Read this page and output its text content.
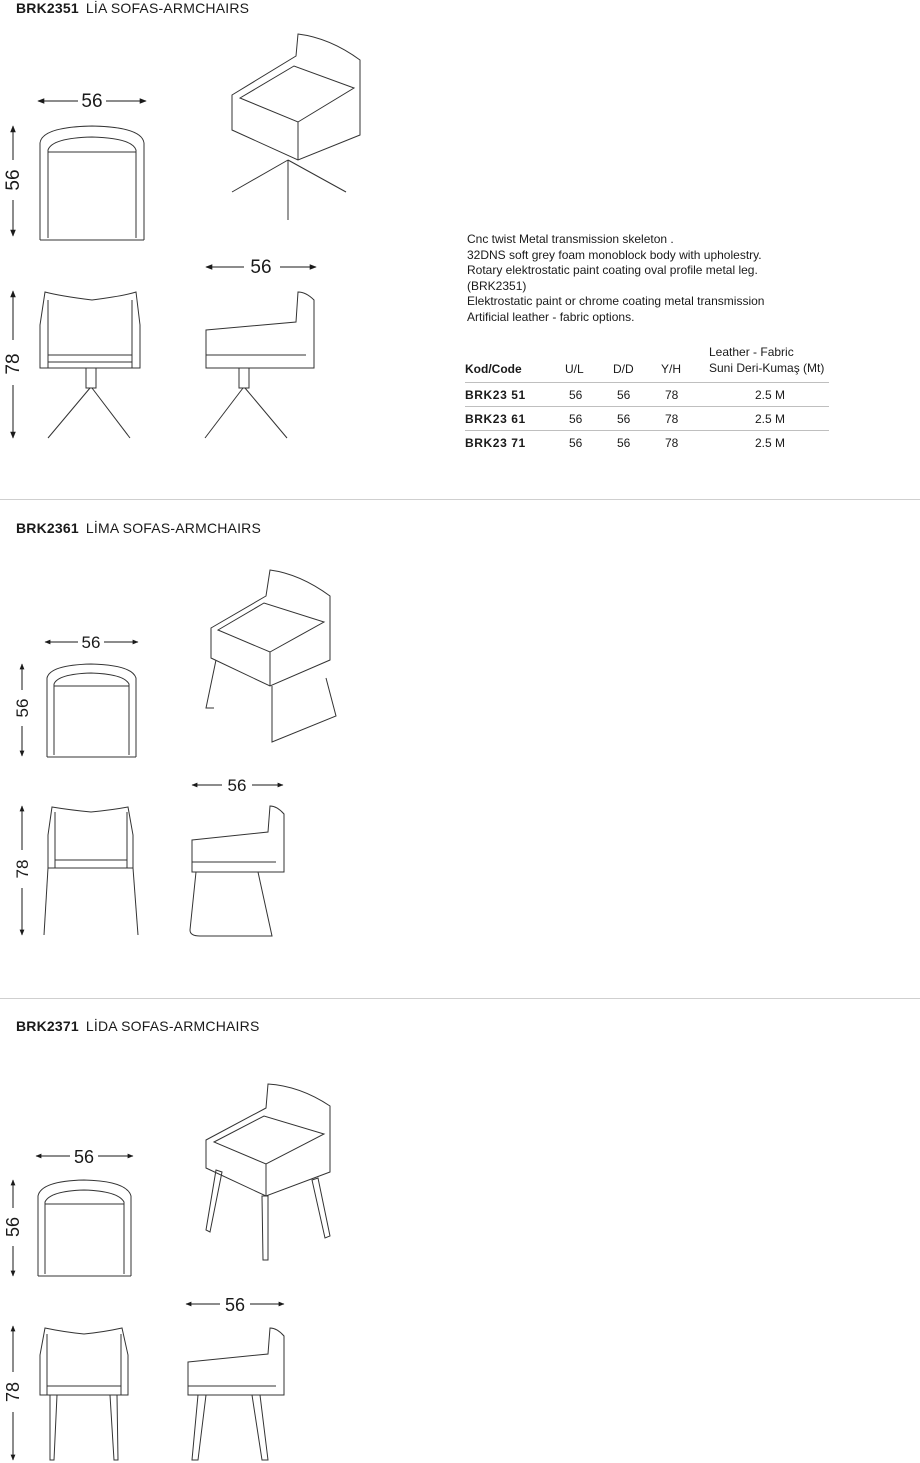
BRK2351 LİA SOFAS-ARMCHAIRS
56
56
56
78
Cnc twist Metal transmission skeleton .
32DNS soft grey foam monoblock body with upholestry.
Rotary elektrostatic paint coating oval profile metal leg.
(BRK2351)
Elektrostatic paint or chrome coating metal transmission
Artificial leather - fabric options.
Kod/Code	U/L	D/D	Y/H	Leather - Fabric
Suni Deri-Kumaş (Mt)

BRK23 51	56	56	78	2.5 M
BRK23 61	56	56	78	2.5 M
BRK23 71	56	56	78	2.5 M
BRK2361 LİMA SOFAS-ARMCHAIRS
56
56
56
78
BRK2371 LİDA SOFAS-ARMCHAIRS
56
56
56
78
